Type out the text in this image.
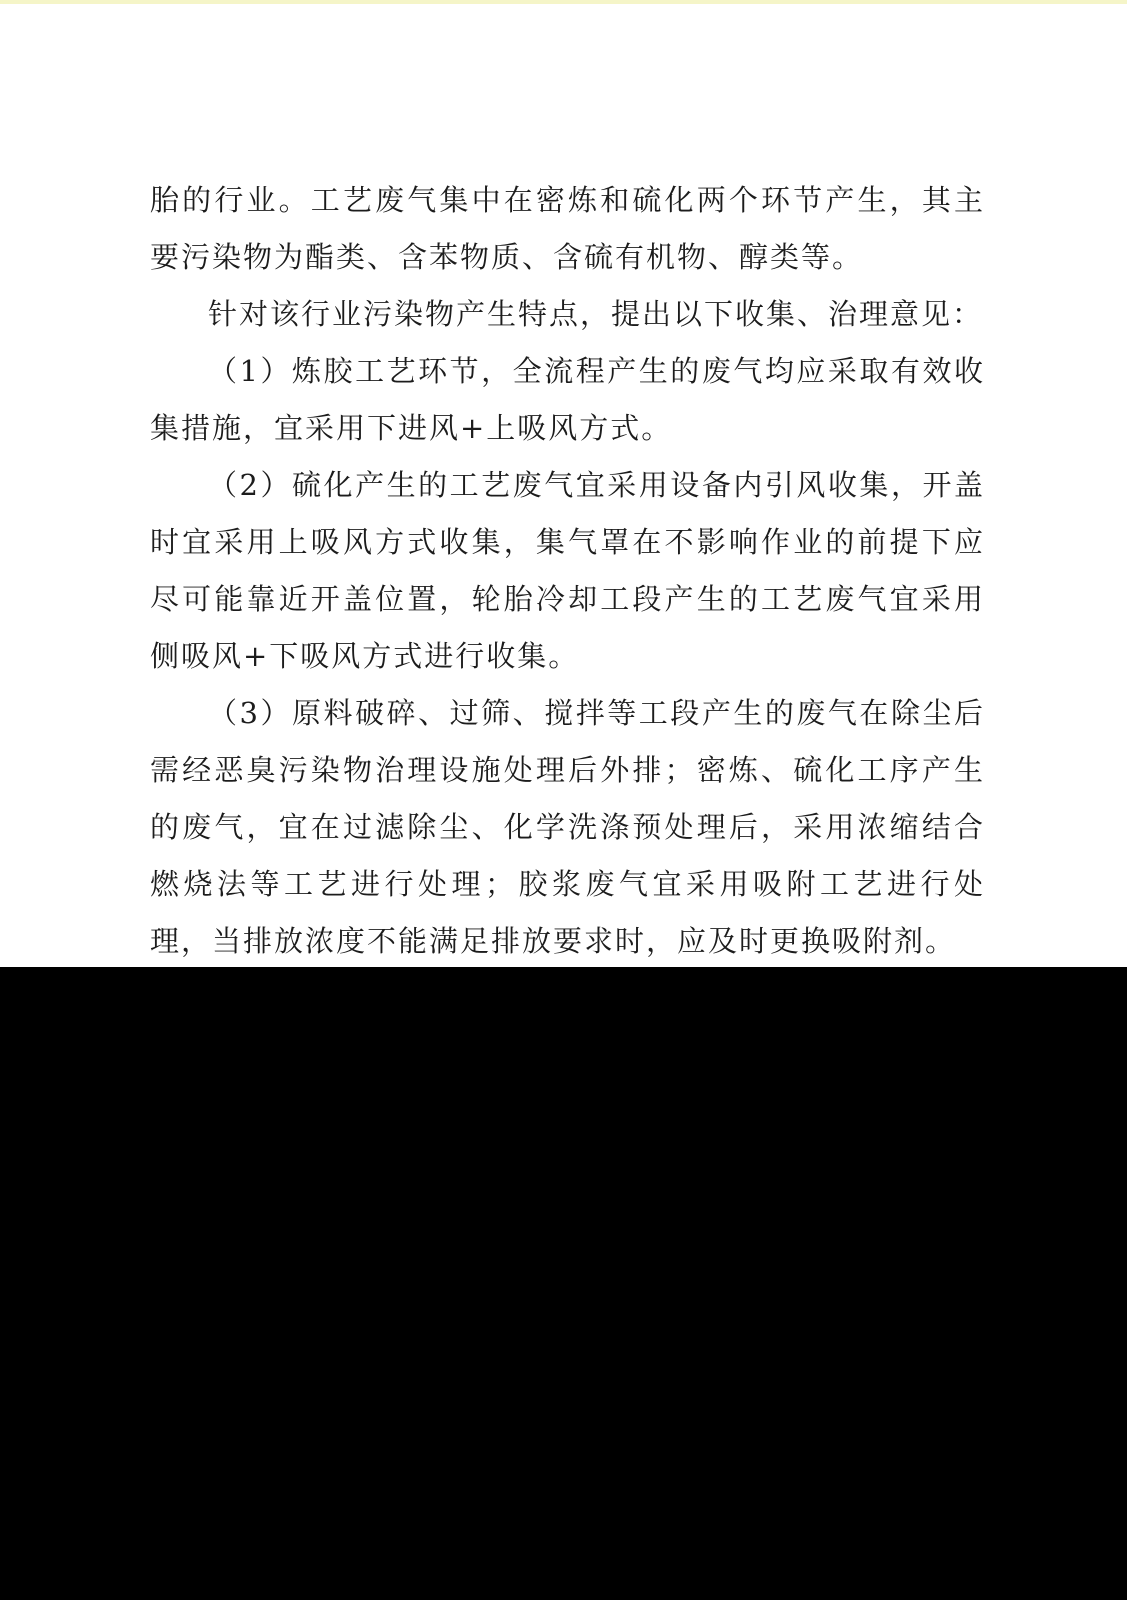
胎的行业。工艺废气集中在密炼和硫化两个环节产生，其主要污染物为酯类、含苯物质、含硫有机物、醇类等。

针对该行业污染物产生特点，提出以下收集、治理意见：

（1）炼胶工艺环节，全流程产生的废气均应采取有效收集措施，宜采用下进风+上吸风方式。

（2）硫化产生的工艺废气宜采用设备内引风收集，开盖时宜采用上吸风方式收集，集气罩在不影响作业的前提下应尽可能靠近开盖位置，轮胎冷却工段产生的工艺废气宜采用侧吸风+下吸风方式进行收集。

（3）原料破碎、过筛、搅拌等工段产生的废气在除尘后需经恶臭污染物治理设施处理后外排；密炼、硫化工序产生的废气，宜在过滤除尘、化学洗涤预处理后，采用浓缩结合燃烧法等工艺进行处理；胶浆废气宜采用吸附工艺进行处理，当排放浓度不能满足排放要求时，应及时更换吸附剂。
